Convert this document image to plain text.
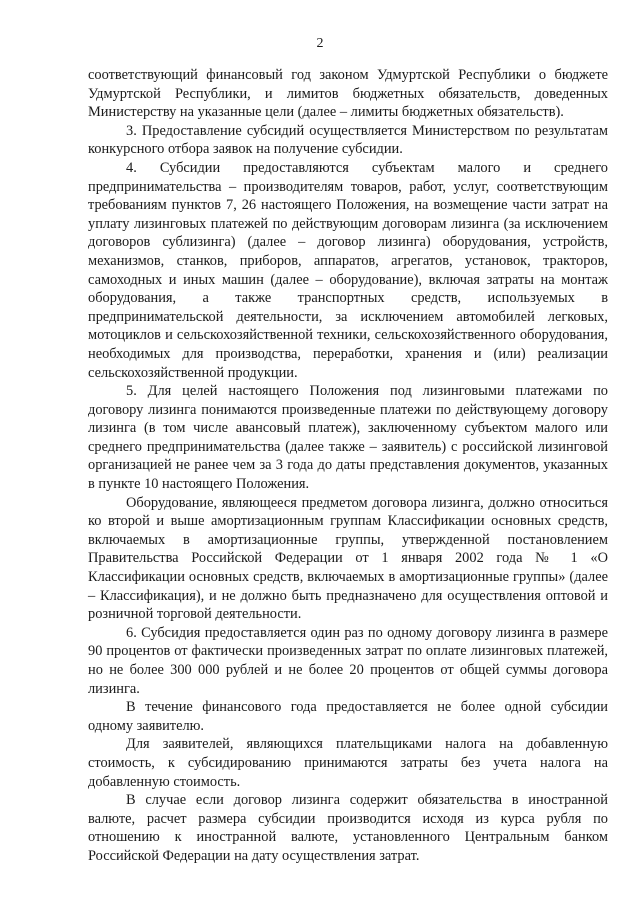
2

соответствующий финансовый год законом Удмуртской Республики о бюджете Удмуртской Республики, и лимитов бюджетных обязательств, доведенных Министерству на указанные цели (далее – лимиты бюджетных обязательств).

3. Предоставление субсидий осуществляется Министерством по результатам конкурсного отбора заявок на получение субсидии.

4. Субсидии предоставляются субъектам малого и среднего предпринимательства – производителям товаров, работ, услуг, соответствующим требованиям пунктов 7, 26 настоящего Положения, на возмещение части затрат на уплату лизинговых платежей по действующим договорам лизинга (за исключением договоров сублизинга) (далее – договор лизинга) оборудования, устройств, механизмов, станков, приборов, аппаратов, агрегатов, установок, тракторов, самоходных и иных машин (далее – оборудование), включая затраты на монтаж оборудования, а также транспортных средств, используемых в предпринимательской деятельности, за исключением автомобилей легковых, мотоциклов и сельскохозяйственной техники, сельскохозяйственного оборудования, необходимых для производства, переработки, хранения и (или) реализации сельскохозяйственной продукции.

5. Для целей настоящего Положения под лизинговыми платежами по договору лизинга понимаются произведенные платежи по действующему договору лизинга (в том числе авансовый платеж), заключенному субъектом малого или среднего предпринимательства (далее также – заявитель) с российской лизинговой организацией не ранее чем за 3 года до даты представления документов, указанных в пункте 10 настоящего Положения.

Оборудование, являющееся предметом договора лизинга, должно относиться ко второй и выше амортизационным группам Классификации основных средств, включаемых в амортизационные группы, утвержденной постановлением Правительства Российской Федерации от 1 января 2002 года № 1 «О Классификации основных средств, включаемых в амортизационные группы» (далее – Классификация), и не должно быть предназначено для осуществления оптовой и розничной торговой деятельности.

6. Субсидия предоставляется один раз по одному договору лизинга в размере 90 процентов от фактически произведенных затрат по оплате лизинговых платежей, но не более 300 000 рублей и не более 20 процентов от общей суммы договора лизинга.

В течение финансового года предоставляется не более одной субсидии одному заявителю.

Для заявителей, являющихся плательщиками налога на добавленную стоимость, к субсидированию принимаются затраты без учета налога на добавленную стоимость.

В случае если договор лизинга содержит обязательства в иностранной валюте, расчет размера субсидии производится исходя из курса рубля по отношению к иностранной валюте, установленного Центральным банком Российской Федерации на дату осуществления затрат.
